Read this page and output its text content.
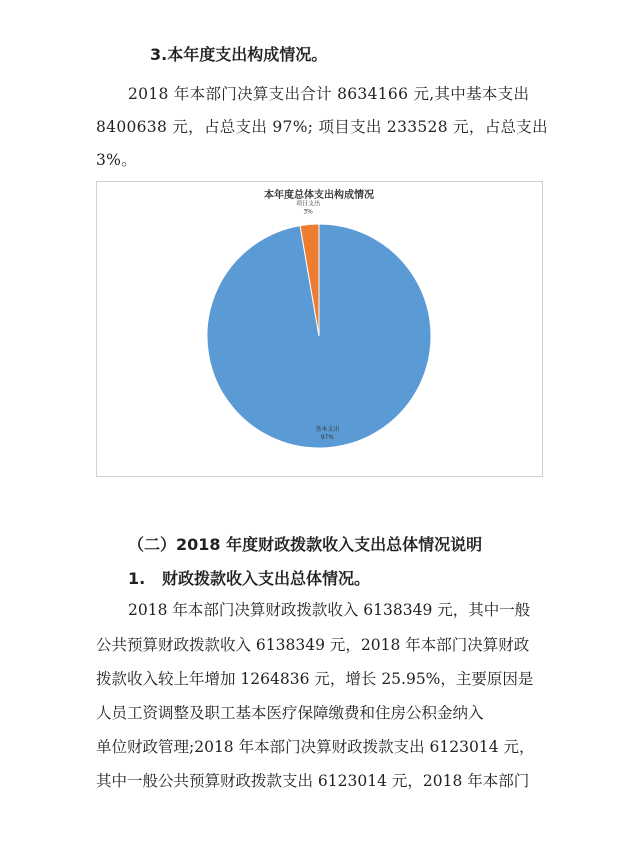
3.本年度支出构成情况。
2018 年本部门决算支出合计 8634166 元,其中基本支出
8400638 元，占总支出 97%; 项目支出 233528 元，占总支出
3%。
本年度总体支出构成情况
基本支出
97%
项目支出
3%
（二）2018 年度财政拨款收入支出总体情况说明
1. 财政拨款收入支出总体情况。
2018 年本部门决算财政拨款收入 6138349 元，其中一般
公共预算财政拨款收入 6138349 元，2018 年本部门决算财政
拨款收入较上年增加 1264836 元，增长 25.95%，主要原因是
人员工资调整及职工基本医疗保障缴费和住房公积金纳入
单位财政管理;2018 年本部门决算财政拨款支出 6123014 元，
其中一般公共预算财政拨款支出 6123014 元，2018 年本部门
